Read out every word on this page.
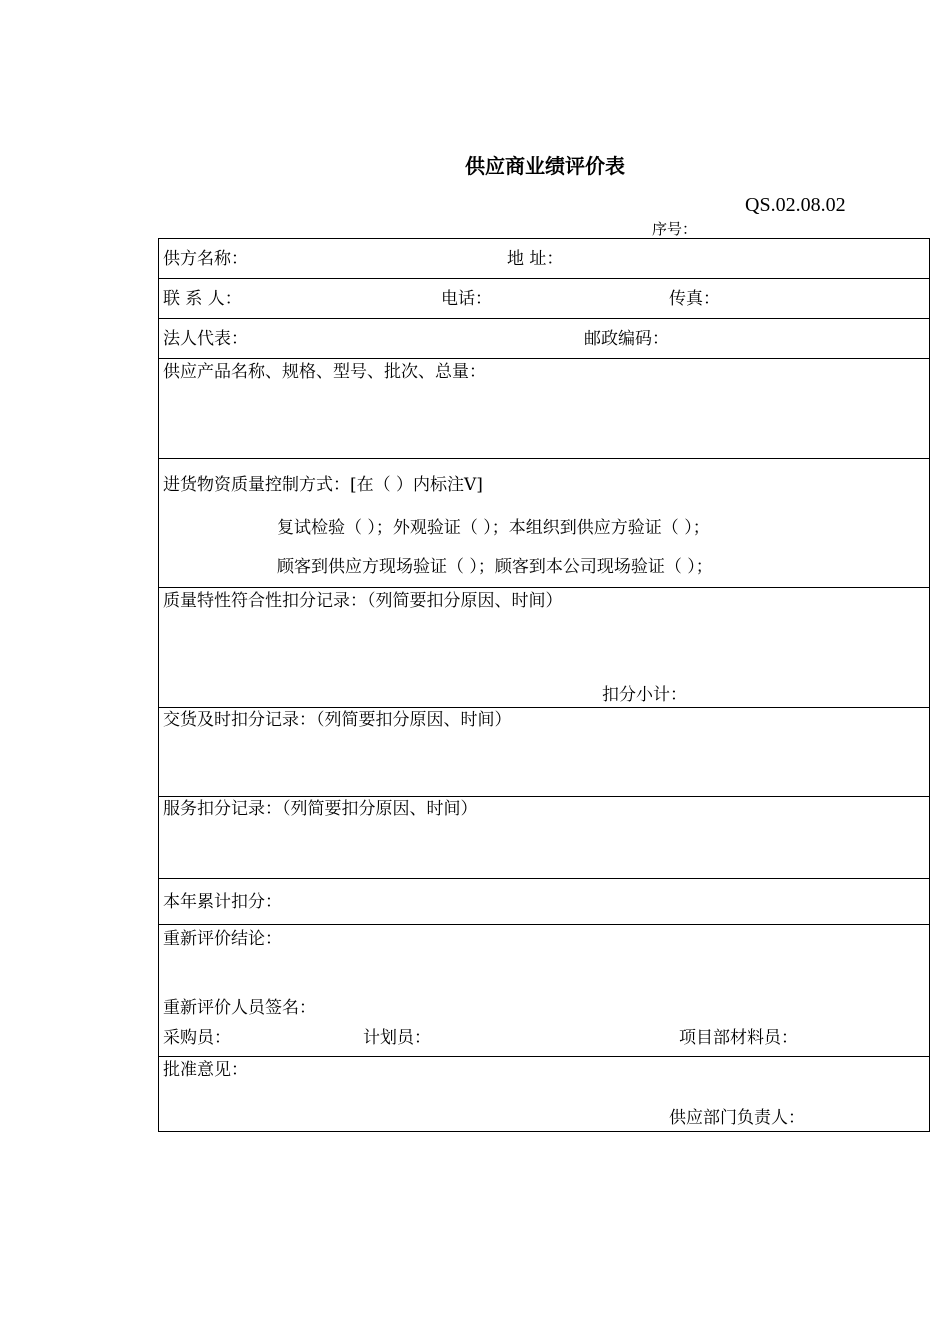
供应商业绩评价表
QS.02.08.02
序号：
供方名称：	地 址：
联 系 人：	电话：	传真：
法人代表：	邮政编码：
供应产品名称、规格、型号、批次、总量：
进货物资质量控制方式：[在（ ）内标注V]
复试检验（ ）；外观验证（ ）；本组织到供应方验证（ ）；
顾客到供应方现场验证（ ）；顾客到本公司现场验证（ ）；
质量特性符合性扣分记录：（列简要扣分原因、时间）
扣分小计：
交货及时扣分记录：（列简要扣分原因、时间）
服务扣分记录：（列简要扣分原因、时间）
本年累计扣分：
重新评价结论：
重新评价人员签名：
采购员：	计划员：	项目部材料员：
批准意见：
供应部门负责人：
